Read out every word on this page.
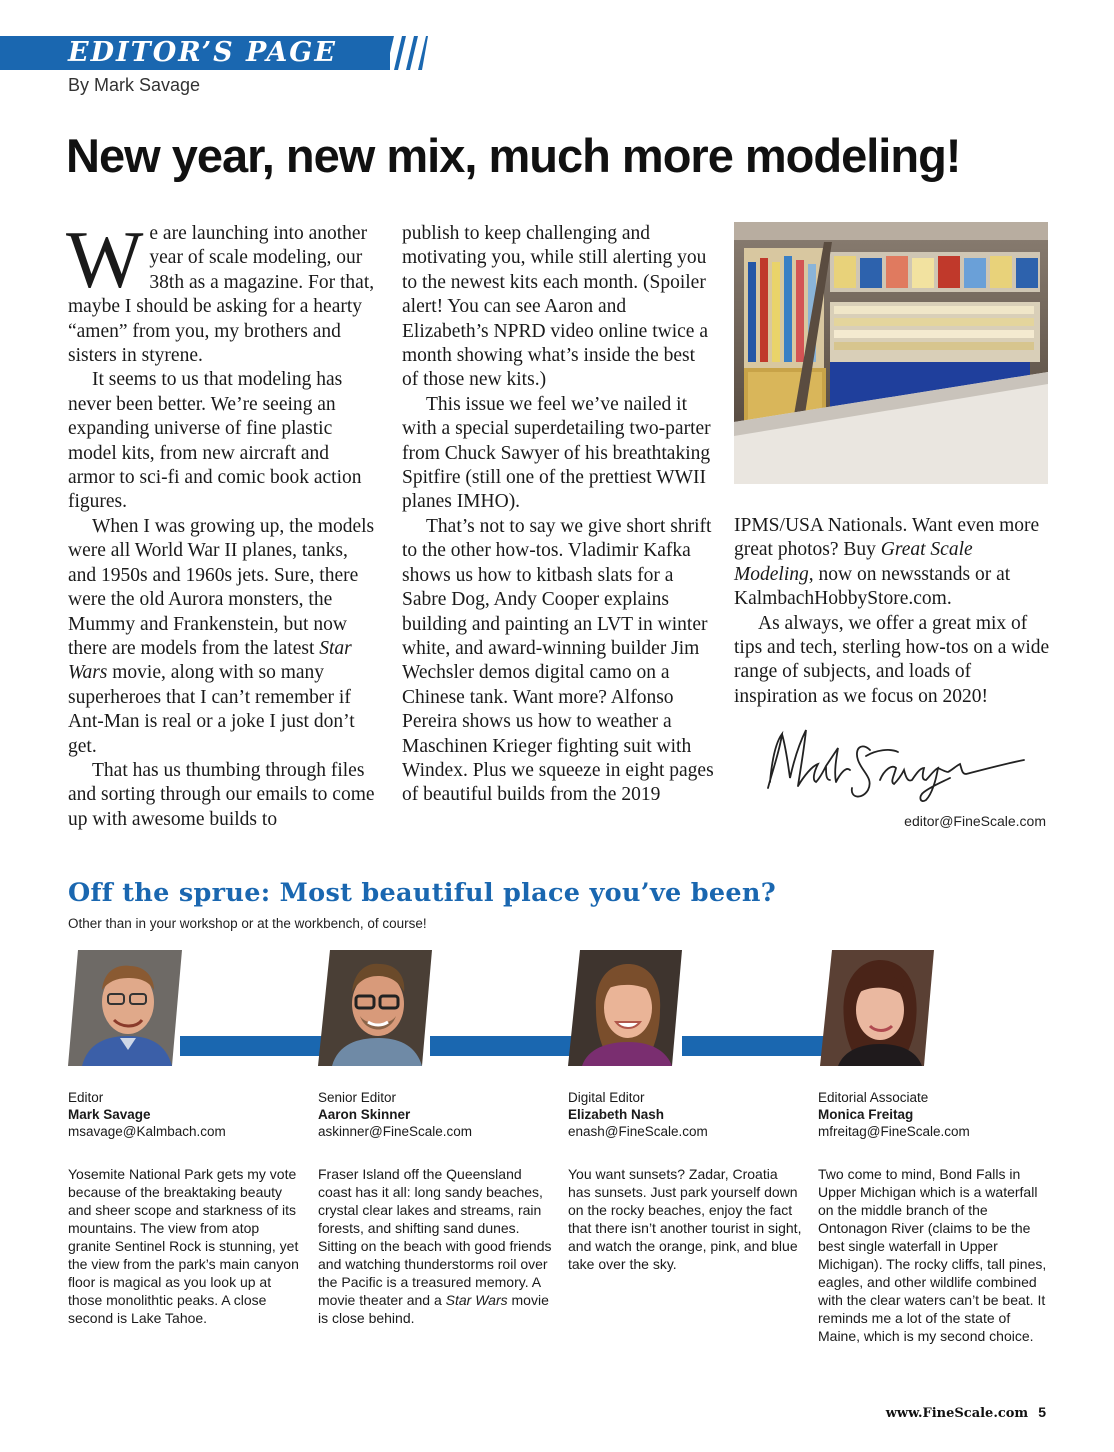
EDITOR’S PAGE
By Mark Savage
New year, new mix, much more modeling!

We are launching into another year of scale modeling, our 38th as a magazine. For that, maybe I should be asking for a hearty “amen” from you, my brothers and sisters in styrene.

It seems to us that modeling has never been better. We’re seeing an expanding universe of fine plastic model kits, from new aircraft and armor to sci-fi and comic book action figures.

When I was growing up, the models were all World War II planes, tanks, and 1950s and 1960s jets. Sure, there were the old Aurora monsters, the Mummy and Frankenstein, but now there are models from the latest Star Wars movie, along with so many superheroes that I can’t remember if Ant-Man is real or a joke I just don’t get.

That has us thumbing through files and sorting through our emails to come up with awesome builds to

publish to keep challenging and motivating you, while still alerting you to the newest kits each month. (Spoiler alert! You can see Aaron and Elizabeth’s NPRD video online twice a month showing what’s inside the best of those new kits.)

This issue we feel we’ve nailed it with a special superdetailing two-parter from Chuck Sawyer of his breathtaking Spitfire (still one of the prettiest WWII planes IMHO).

That’s not to say we give short shrift to the other how-tos. Vladimir Kafka shows us how to kitbash slats for a Sabre Dog, Andy Cooper explains building and painting an LVT in winter white, and award-winning builder Jim Wechsler demos digital camo on a Chinese tank. Want more? Alfonso Pereira shows us how to weather a Maschinen Krieger fighting suit with Windex. Plus we squeeze in eight pages of beautiful builds from the 2019

IPMS/USA Nationals. Want even more great photos? Buy Great Scale Modeling, now on newsstands or at KalmbachHobbyStore.com.

As always, we offer a great mix of tips and tech, sterling how-tos on a wide range of subjects, and loads of inspiration as we focus on 2020!

editor@FineScale.com
Off the sprue: Most beautiful place you’ve been?
Other than in your workshop or at the workbench, of course!
Editor
Mark Savage
msavage@Kalmbach.com
Senior Editor
Aaron Skinner
askinner@FineScale.com
Digital Editor
Elizabeth Nash
enash@FineScale.com
Editorial Associate
Monica Freitag
mfreitag@FineScale.com
Yosemite National Park gets my vote because of the breaktaking beauty and sheer scope and starkness of its mountains. The view from atop granite Sentinel Rock is stunning, yet the view from the park’s main canyon floor is magical as you look up at those monolithtic peaks. A close second is Lake Tahoe.
Fraser Island off the Queensland coast has it all: long sandy beaches, crystal clear lakes and streams, rain forests, and shifting sand dunes. Sitting on the beach with good friends and watching thunderstorms roil over the Pacific is a treasured memory. A movie theater and a Star Wars movie is close behind.
You want sunsets? Zadar, Croatia has sunsets. Just park yourself down on the rocky beaches, enjoy the fact that there isn’t another tourist in sight, and watch the orange, pink, and blue take over the sky.
Two come to mind, Bond Falls in Upper Michigan which is a waterfall on the middle branch of the Ontonagon River (claims to be the best single waterfall in Upper Michigan). The rocky cliffs, tall pines, eagles, and other wildlife combined with the clear waters can’t be beat. It reminds me a lot of the state of Maine, which is my second choice.
www.FineScale.com 5
